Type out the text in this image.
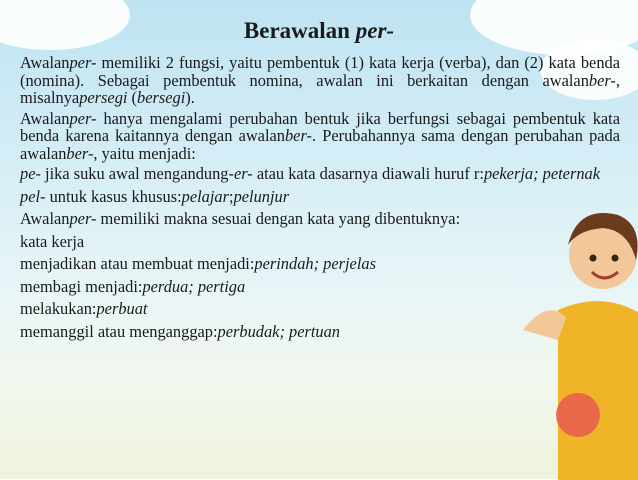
Berawalan per-

Awalanper- memiliki 2 fungsi, yaitu pembentuk (1) kata kerja (verba), dan (2) kata benda (nomina). Sebagai pembentuk nomina, awalan ini berkaitan dengan awalanber-, misalnyapersegi (bersegi).

Awalanper- hanya mengalami perubahan bentuk jika berfungsi sebagai pembentuk kata benda karena kaitannya dengan awalanber-. Perubahannya sama dengan perubahan pada awalanber-, yaitu menjadi:

pe- jika suku awal mengandung-er- atau kata dasarnya diawali huruf r:pekerja; peternak

pel- untuk kasus khusus:pelajar;pelunjur

Awalanper- memiliki makna sesuai dengan kata yang dibentuknya:

kata kerja

menjadikan atau membuat menjadi:perindah; perjelas

membagi menjadi:perdua; pertiga

melakukan:perbuat

memanggil atau menganggap:perbudak; pertuan
